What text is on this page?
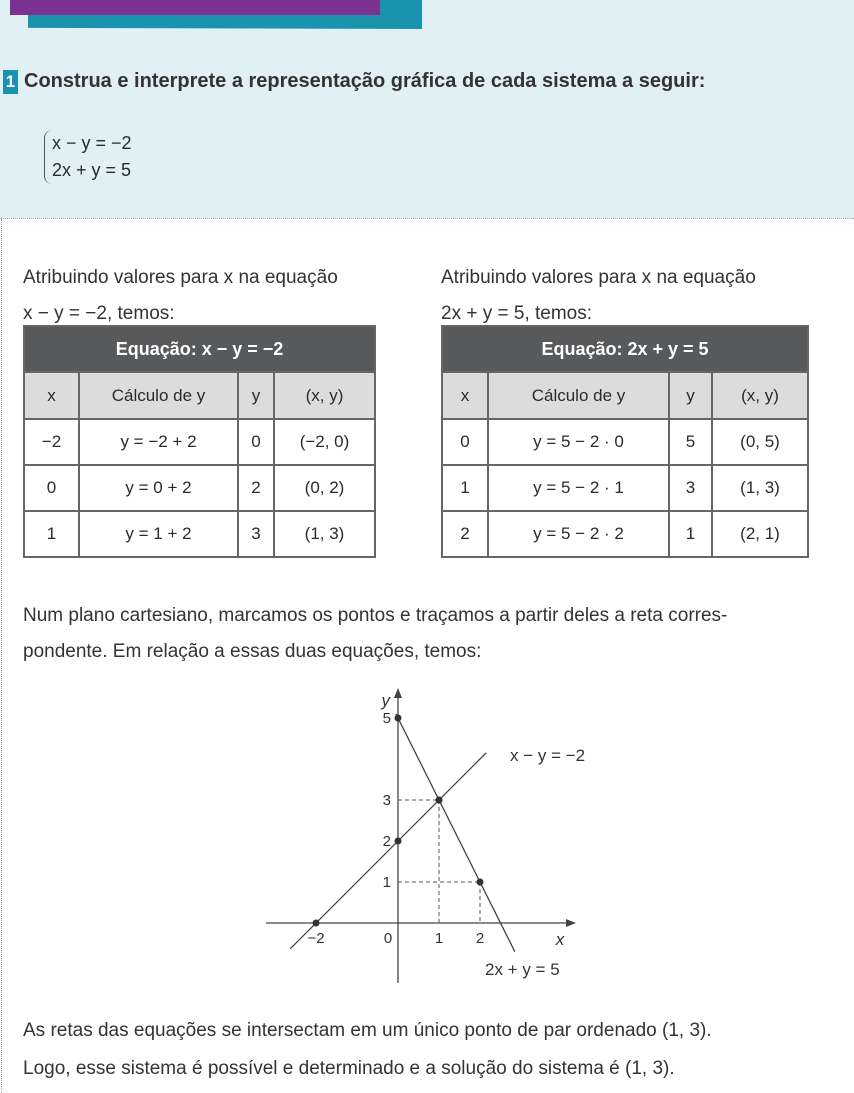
1 Construa e interprete a representação gráfica de cada sistema a seguir:
x − y = −2
2x + y = 5
Atribuindo valores para x na equação
x − y = −2, temos:
Atribuindo valores para x na equação
2x + y = 5, temos:
Equação: x − y = −2			
x	Cálculo de y	y	(x, y)
−2	y = −2 + 2	0	(−2, 0)
0	y = 0 + 2	2	(0, 2)
1	y = 1 + 2	3	(1, 3)
Equação: 2x + y = 5			
x	Cálculo de y	y	(x, y)
0	y = 5 − 2 · 0	5	(0, 5)
1	y = 5 − 2 · 1	3	(1, 3)
2	y = 5 − 2 · 2	1	(2, 1)
Num plano cartesiano, marcamos os pontos e traçamos a partir deles a reta corres-
pondente. Em relação a essas duas equações, temos:
−2	0	1 2
1
2
3
5
x
y
x − y = −2
2x + y = 5
As retas das equações se intersectam em um único ponto de par ordenado (1, 3).
Logo, esse sistema é possível e determinado e a solução do sistema é (1, 3).
